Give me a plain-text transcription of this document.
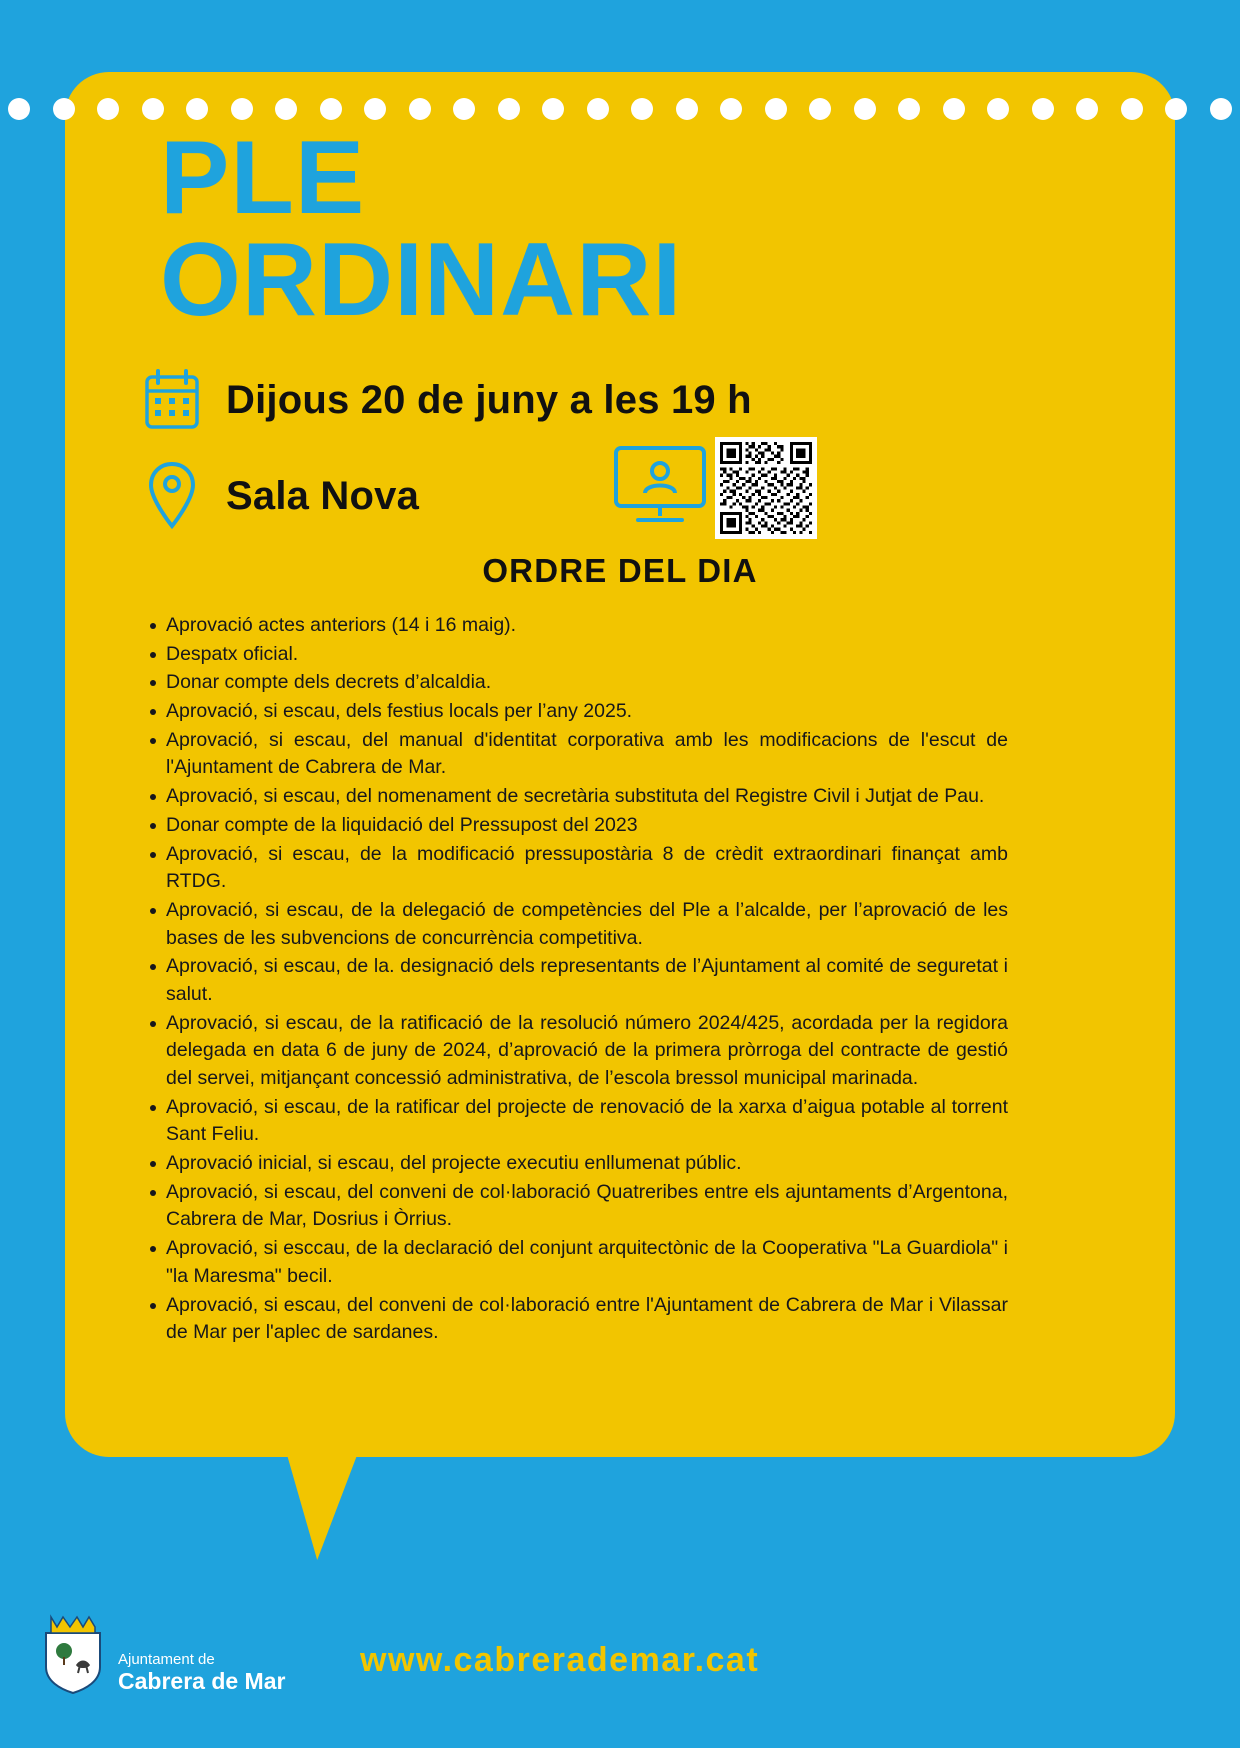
PLE
ORDINARI
Dijous 20 de juny a les 19 h
Sala Nova
ORDRE DEL DIA
Aprovació actes anteriors (14 i 16 maig).
Despatx oficial.
Donar compte dels decrets d’alcaldia.
Aprovació, si escau, dels festius locals per l’any 2025.
Aprovació, si escau, del manual d'identitat corporativa amb les modificacions de l'escut de l'Ajuntament de Cabrera de Mar.
Aprovació, si escau, del nomenament de secretària substituta del Registre Civil i Jutjat de Pau.
Donar compte de la liquidació del Pressupost del 2023
Aprovació, si escau, de la modificació pressupostària 8 de crèdit extraordinari finançat amb RTDG.
Aprovació, si escau, de la delegació de competències del Ple a l’alcalde, per l’aprovació de les bases de les subvencions de concurrència competitiva.
Aprovació, si escau, de la. designació dels representants de l’Ajuntament al comité de seguretat i salut.
Aprovació, si escau, de la ratificació de la resolució número 2024/425, acordada per la regidora delegada en data 6 de juny de 2024, d’aprovació de la primera pròrroga del contracte de gestió del servei, mitjançant concessió administrativa, de l’escola bressol municipal marinada.
Aprovació, si escau, de la ratificar del projecte de renovació de la xarxa d’aigua potable al torrent Sant Feliu.
Aprovació inicial, si escau, del projecte executiu enllumenat públic.
Aprovació, si escau, del conveni de col·laboració Quatreribes entre els ajuntaments d’Argentona, Cabrera de Mar, Dosrius i Òrrius.
Aprovació, si esccau, de la declaració del conjunt arquitectònic de la Cooperativa "La Guardiola" i "la Maresma" becil.
Aprovació, si escau, del conveni de col·laboració entre l'Ajuntament de Cabrera de Mar i Vilassar de Mar per l'aplec de sardanes.
Ajuntament de
Cabrera de Mar
www.cabrerademar.cat
